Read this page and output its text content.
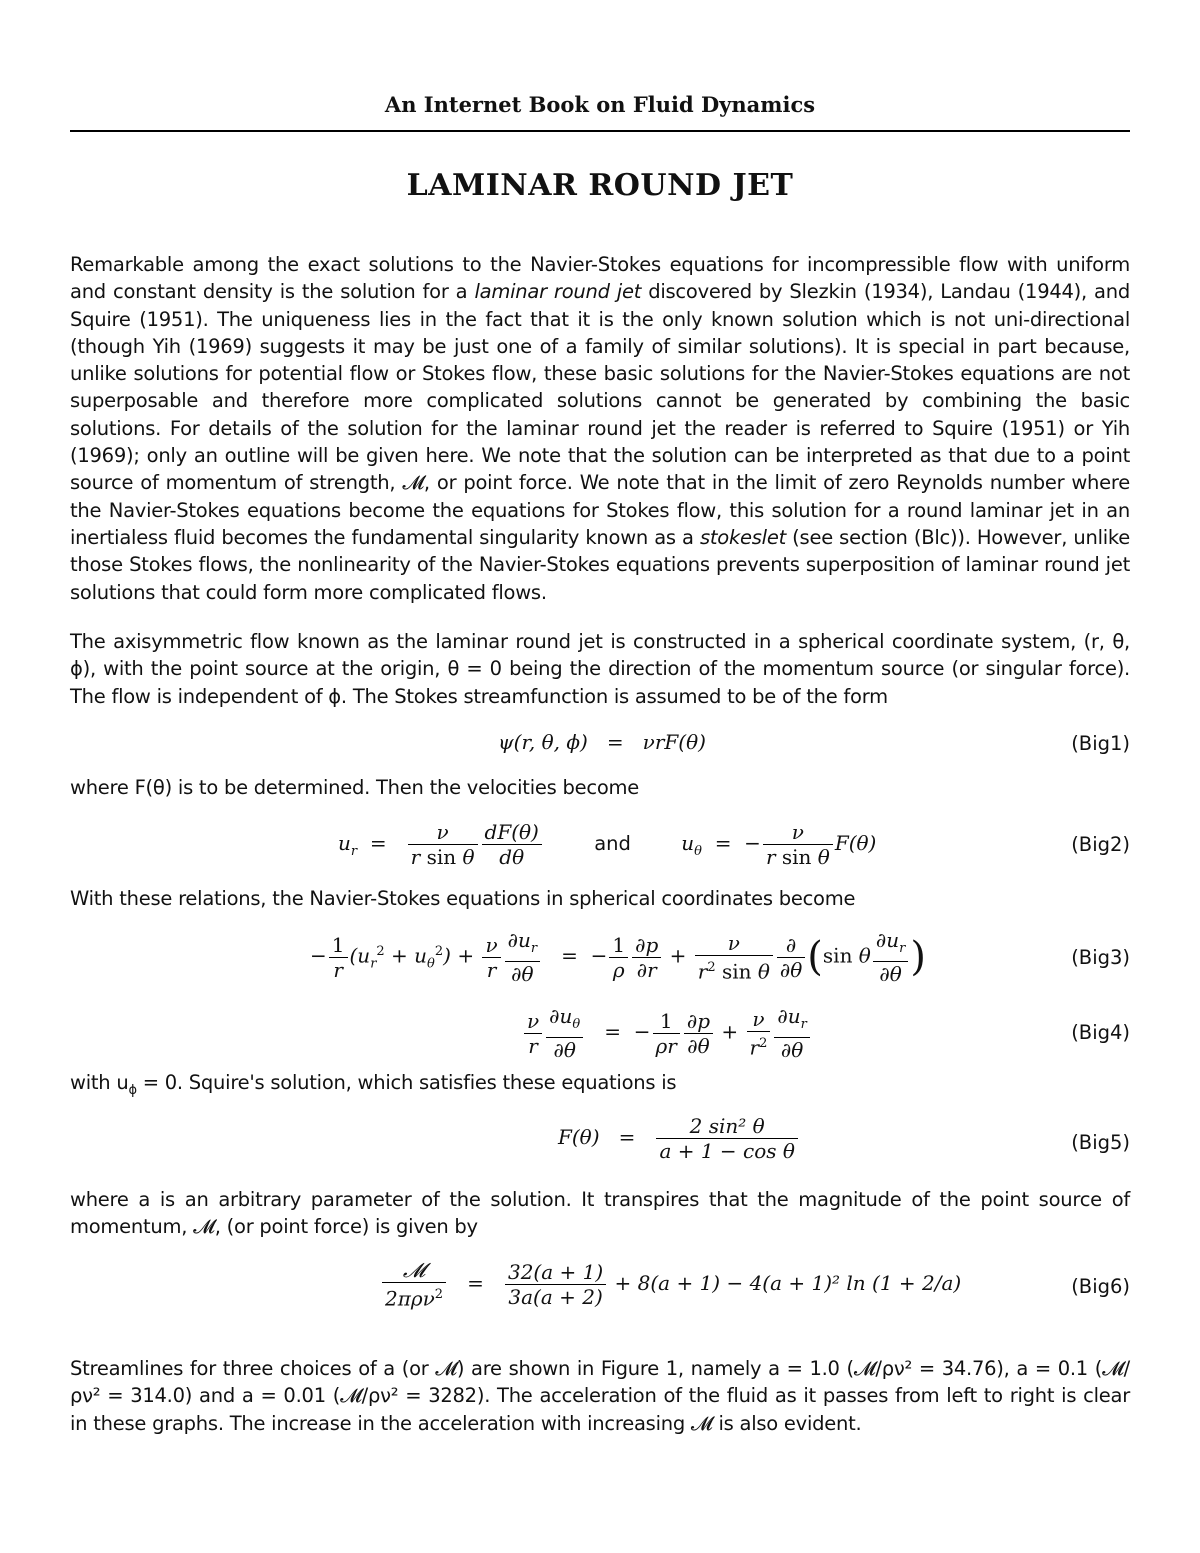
An Internet Book on Fluid Dynamics
LAMINAR ROUND JET
Remarkable among the exact solutions to the Navier-Stokes equations for incompressible flow with uniform and constant density is the solution for a laminar round jet discovered by Slezkin (1934), Landau (1944), and Squire (1951). The uniqueness lies in the fact that it is the only known solution which is not uni-directional (though Yih (1969) suggests it may be just one of a family of similar solutions). It is special in part because, unlike solutions for potential flow or Stokes flow, these basic solutions for the Navier-Stokes equations are not superposable and therefore more complicated solutions cannot be generated by combining the basic solutions. For details of the solution for the laminar round jet the reader is referred to Squire (1951) or Yih (1969); only an outline will be given here. We note that the solution can be interpreted as that due to a point source of momentum of strength, 𝓜, or point force. We note that in the limit of zero Reynolds number where the Navier-Stokes equations become the equations for Stokes flow, this solution for a round laminar jet in an inertialess fluid becomes the fundamental singularity known as a stokeslet (see section (Blc)). However, unlike those Stokes flows, the nonlinearity of the Navier-Stokes equations prevents superposition of laminar round jet solutions that could form more complicated flows.
The axisymmetric flow known as the laminar round jet is constructed in a spherical coordinate system, (r, θ, ϕ), with the point source at the origin, θ = 0 being the direction of the momentum source (or singular force). The flow is independent of ϕ. The Stokes streamfunction is assumed to be of the form
ψ(r, θ, ϕ)   =   νrF(θ)	(Big1)
where F(θ) is to be determined. Then the velocities become
$u_r = \frac{\nu}{\text{r sin θ}} \frac{dF(\theta)}{d\theta}$	and	$u_\theta$  =  − $\frac{\nu}{\text{r sin θ}} F(\theta)$	(Big2)
With these relations, the Navier-Stokes equations in spherical coordinates become
− $\frac{1}{r} (u_r^2 + u_\theta^2) + \frac{\nu}{r} \frac{\partial u_r}{\partial\theta}$ =  − $\frac{1}{\rho} \frac{\partial p}{\partial r} + \frac{\nu}{r^2 \sin \theta} \frac{\partial}{\partial\theta} (\sin$ θ $\frac{\partial u_r}{\partial\theta}$ )	(Big3)
$\frac{\nu}{r} \frac{\partial u_\theta}{\partial\theta}$ =  − $\frac{1}{\rho r} \frac{\partial p}{\partial\theta} + \frac{\nu}{r^2} \frac{\partial u_r}{\partial\theta}$	(Big4)
with $u_\phi = 0$. Squire's solution, which satisfies these equations is
$F(\theta) = \frac{\text{2 sin² θ}}{\text{a + 1 − cos θ}}$	(Big5)
where a is an arbitrary parameter of the solution. It transpires that the magnitude of the point source of momentum, 𝓜, (or point force) is given by
$\frac{\text{𝓜}}{2\pi\rho\nu^2} = \frac{32(a + 1)}{3a(a + 2)} + 8(a + 1) - 4(a + 1)^2$ ln (1 + 2/a)	(Big6)
Streamlines for three choices of a (or 𝓜) are shown in Figure 1, namely a = 1.0 (𝓜/ρν² = 34.76), a = 0.1 (𝓜/ρν² = 314.0) and a = 0.01 (𝓜/ρν² = 3282). The acceleration of the fluid as it passes from left to right is clear in these graphs. The increase in the acceleration with increasing 𝓜 is also evident.
